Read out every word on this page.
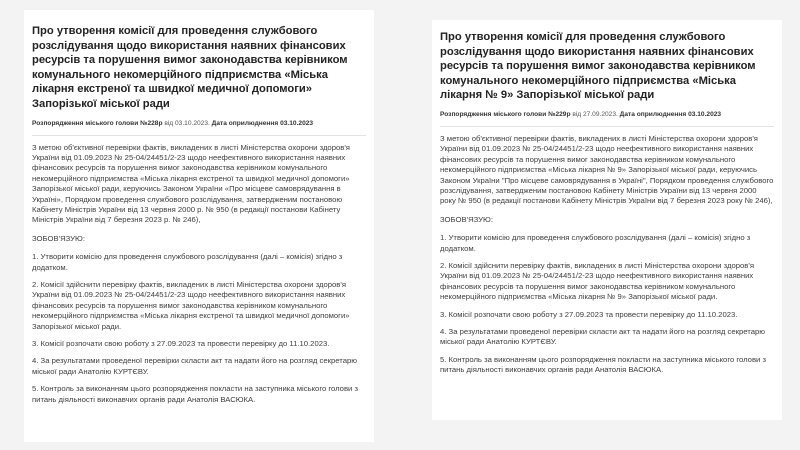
Про утворення комісії для проведення службового розслідування щодо використання наявних фінансових ресурсів та порушення вимог законодавства керівником комунального некомерційного підприємства «Міська лікарня екстреної та швидкої медичної допомоги» Запорізької міської ради
Розпорядження міського голови №228р від 03.10.2023. Дата оприлюднення 03.10.2023

З метою об'єктивної перевірки фактів, викладених в листі Міністерства охорони здоров'я України від 01.09.2023 № 25-04/24451/2-23 щодо неефективного використання наявних фінансових ресурсів та порушення вимог законодавства керівником комунального некомерційного підприємства «Міська лікарня екстреної та швидкої медичної допомоги» Запорізької міської ради, керуючись Законом України «Про місцеве самоврядування в Україні», Порядком проведення службового розслідування, затвердженим постановою Кабінету Міністрів України від 13 червня 2000 р. № 950 (в редакції постанови Кабінету Міністрів України від 7 березня 2023 р. № 246),

ЗОБОВ'ЯЗУЮ:

1. Утворити комісію для проведення службового розслідування (далі – комісія) згідно з додатком.
2. Комісії здійснити перевірку фактів, викладених в листі Міністерства охорони здоров'я України від 01.09.2023 № 25-04/24451/2-23 щодо неефективного використання наявних фінансових ресурсів та порушення вимог законодавства керівником комунального некомерційного підприємства «Міська лікарня екстреної та швидкої медичної допомоги» Запорізької міської ради.
3. Комісії розпочати свою роботу з 27.09.2023 та провести перевірку до 11.10.2023.
4. За результатами проведеної перевірки скласти акт та надати його на розгляд секретарю міської ради Анатолію КУРТЄВУ.
5. Контроль за виконанням цього розпорядження покласти на заступника міського голови з питань діяльності виконавчих органів ради Анатолія ВАСЮКА.
Про утворення комісії для проведення службового розслідування щодо використання наявних фінансових ресурсів та порушення вимог законодавства керівником комунального некомерційного підприємства «Міська лікарня № 9» Запорізької міської ради
Розпорядження міського голови №229р від 27.09.2023. Дата оприлюднення 03.10.2023

З метою об'єктивної перевірки фактів, викладених в листі Міністерства охорони здоров'я України від 01.09.2023 № 25-04/24451/2-23 щодо неефективного використання наявних фінансових ресурсів та порушення вимог законодавства керівником комунального некомерційного підприємства «Міська лікарня № 9» Запорізької міської ради, керуючись Законом України "Про місцеве самоврядування в Україні", Порядком проведення службового розслідування, затвердженим постановою Кабінету Міністрів України від 13 червня 2000 року № 950 (в редакції постанови Кабінету Міністрів України від 7 березня 2023 року № 246),

ЗОБОВ'ЯЗУЮ:

1. Утворити комісію для проведення службового розслідування (далі – комісія) згідно з додатком.
2. Комісії здійснити перевірку фактів, викладених в листі Міністерства охорони здоров'я України від 01.09.2023 № 25-04/24451/2-23 щодо неефективного використання наявних фінансових ресурсів та порушення вимог законодавства керівником комунального некомерційного підприємства «Міська лікарня № 9» Запорізької міської ради.
3. Комісії розпочати свою роботу з 27.09.2023 та провести перевірку до 11.10.2023.
4. За результатами проведеної перевірки скласти акт та надати його на розгляд секретарю міської ради Анатолію КУРТЄВУ.
5. Контроль за виконанням цього розпорядження покласти на заступника міського голови з питань діяльності виконавчих органів ради Анатолія ВАСЮКА.
